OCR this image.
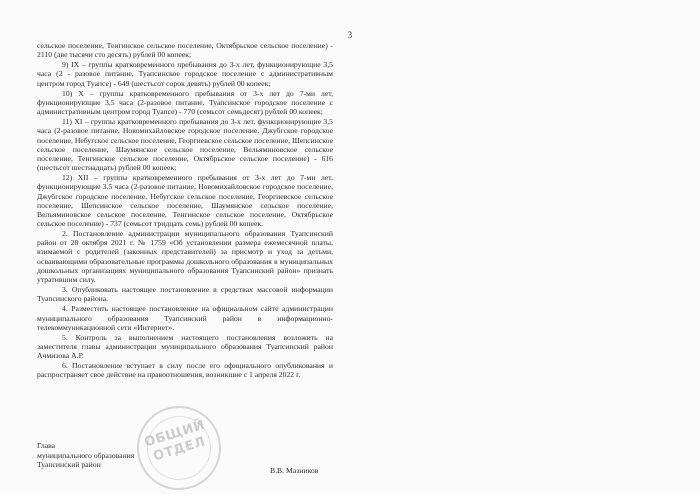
3

сельское поселение, Тенгинское сельское поселение, Октябрьское сельское поселение) - 2110 (две тысячи сто десять) рублей 00 копеек;

9) IX – группы кратковременного пребывания до 3-х лет, функционирующие 3,5 часа (2 - разовое питание, Туапсинское городское поселение с административным центром город Туапсе) - 649 (шестьсот сорок девять) рублей 00 копеек;

10) X – группы кратковременного пребывания от 3-х лет до 7-ми лет, функционирующие 3,5 часа (2-разовое питание, Туапсинское городское поселение с административным центром город Туапсе) - 770 (семьсот семьдесят) рублей 00 копеек;

11) XI – группы кратковременного пребывания до 3-х лет, функционирующие 3,5 часа (2-разовое питание, Новомихайловское городское поселение, Джубгское городское поселение, Небугское сельское поселение, Георгиевское сельское поселение, Шепсинское сельское поселение, Шаумянское сельское поселение, Вельяминовское сельское поселение, Тенгинское сельское поселение, Октябрьское сельское поселение) - 616 (шестьсот шестнадцать) рублей 00 копеек;

12) XII – группы кратковременного пребывания от 3-х лет до 7-ми лет, функционирующие 3,5 часа (2-разовое питание, Новомихайловское городское поселение, Джубгское городское поселение, Небугское сельское поселение, Георгиевское сельское поселение, Шепсинское сельское поселение, Шаумянское сельское поселение, Вельяминовское сельское поселение, Тенгинское сельское поселение, Октябрьское сельское поселение) - 737 (семьсот тридцать семь) рублей 00 копеек.

2. Постановление администрации муниципального образования Туапсинский район от 28 октября 2021 г. № 1759 «Об установлении размера ежемесячной платы, взимаемой с родителей (законных представителей) за присмотр и уход за детьми, осваивающими образовательные программы дошкольного образования в муниципальных дошкольных организациях муниципального образования Туапсинский район» признать утратившим силу.

3. Опубликовать настоящее постановление в средствах массовой информации Туапсинского района.

4. Разместить настоящее постановление на официальном сайте администрации муниципального образования Туапсинский район в информационно-телекоммуникационной сети «Интернет».

5. Контроль за выполнением настоящего постановления возложить на заместителя главы администрации муниципального образования Туапсинский район Ачмизова А.Р.

6. Постановление вступает в силу после его официального опубликования и распространяет свое действие на правоотношения, возникшие с 1 апреля 2022 г.

ОБЩИЙ ОТДЕЛ
Глава
муниципального образования
Туапсинский район
В.В. Мазников
